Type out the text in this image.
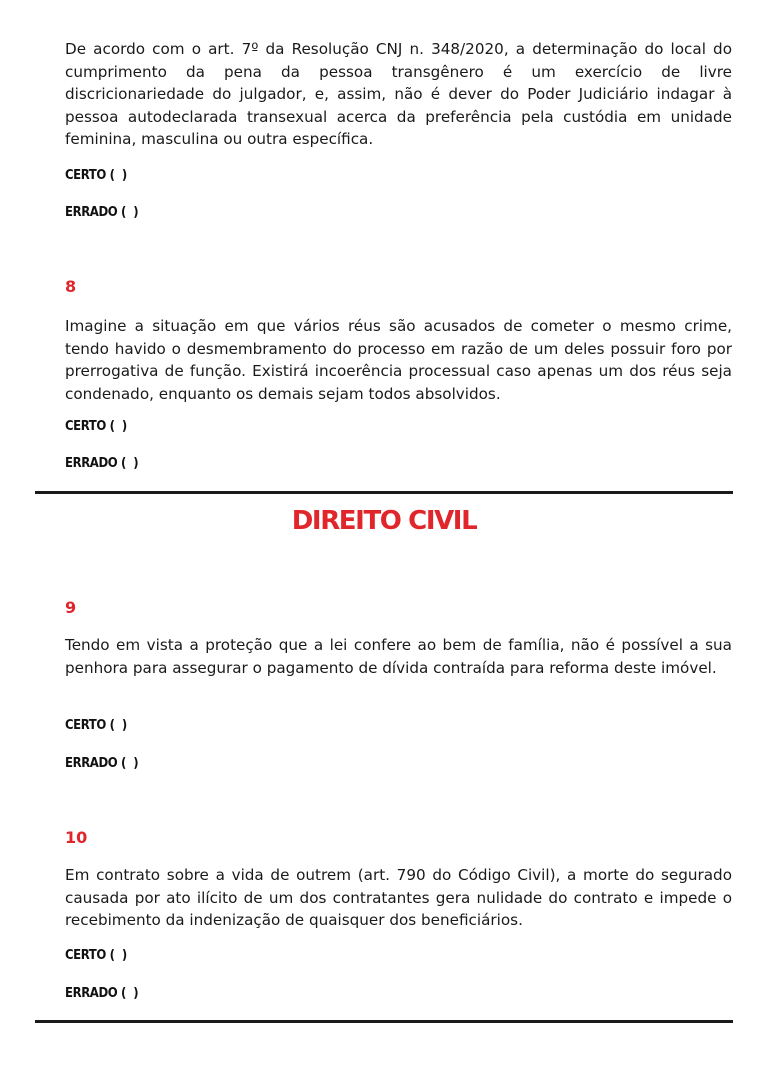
De acordo com o art. 7º da Resolução CNJ n. 348/2020, a determinação do local do cumprimento da pena da pessoa transgênero é um exercício de livre discricionariedade do julgador, e, assim, não é dever do Poder Judiciário indagar à pessoa autodeclarada transexual acerca da preferência pela custódia em unidade feminina, masculina ou outra específica.

CERTO (  )

ERRADO (  )

8

Imagine a situação em que vários réus são acusados de cometer o mesmo crime, tendo havido o desmembramento do processo em razão de um deles possuir foro por prerrogativa de função. Existirá incoerência processual caso apenas um dos réus seja condenado, enquanto os demais sejam todos absolvidos.

CERTO (  )

ERRADO (  )

DIREITO CIVIL

9

Tendo em vista a proteção que a lei confere ao bem de família, não é possível a sua penhora para assegurar o pagamento de dívida contraída para reforma deste imóvel.

CERTO (  )

ERRADO (  )

10

Em contrato sobre a vida de outrem (art. 790 do Código Civil), a morte do segurado causada por ato ilícito de um dos contratantes gera nulidade do contrato e impede o recebimento da indenização de quaisquer dos beneficiários.

CERTO (  )

ERRADO (  )
